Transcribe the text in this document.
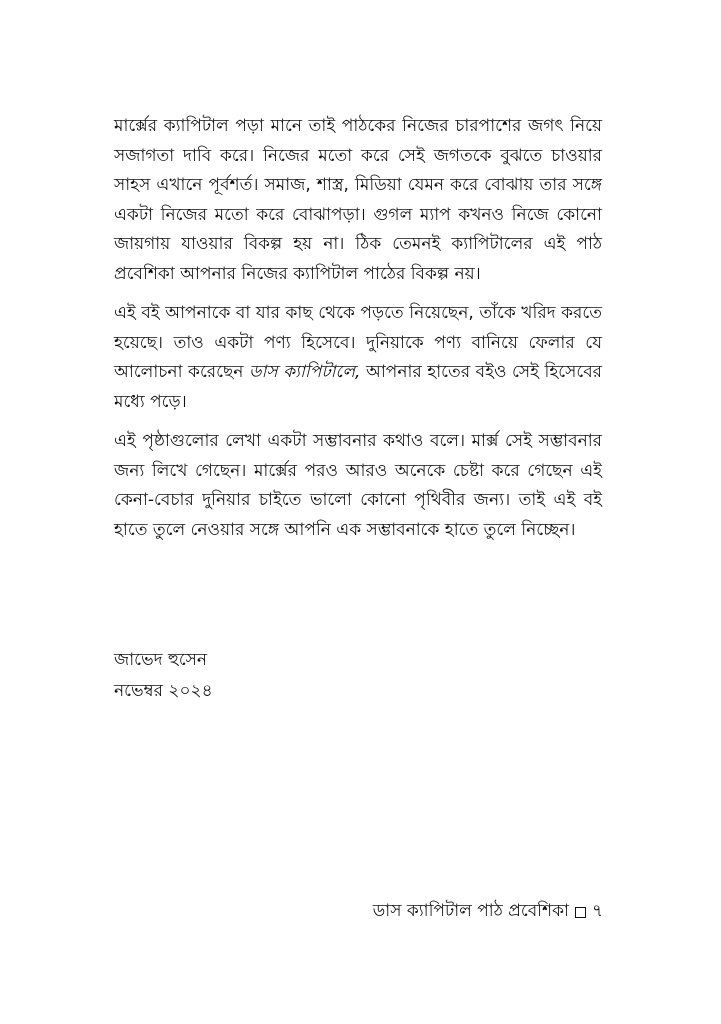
মার্ক্সের ক্যাপিটাল পড়া মানে তাই পাঠকের নিজের চারপাশের জগৎ নিয়ে সজাগতা দাবি করে। নিজের মতো করে সেই জগতকে বুঝতে চাওয়ার সাহস এখানে পূর্বশর্ত। সমাজ, শাস্ত্র, মিডিয়া যেমন করে বোঝায় তার সঙ্গে একটা নিজের মতো করে বোঝাপড়া। গুগল ম্যাপ কখনও নিজে কোনো জায়গায় যাওয়ার বিকল্প হয় না। ঠিক তেমনই ক্যাপিটালের এই পাঠ প্রবেশিকা আপনার নিজের ক্যাপিটাল পাঠের বিকল্প নয়।

এই বই আপনাকে বা যার কাছ থেকে পড়তে নিয়েছেন, তাঁকে খরিদ করতে হয়েছে। তাও একটা পণ্য হিসেবে। দুনিয়াকে পণ্য বানিয়ে ফেলার যে আলোচনা করেছেন ডাস ক্যাপিটালে, আপনার হাতের বইও সেই হিসেবের মধ্যে পড়ে।

এই পৃষ্ঠাগুলোর লেখা একটা সম্ভাবনার কথাও বলে। মার্ক্স সেই সম্ভাবনার জন্য লিখে গেছেন। মার্ক্সের পরও আরও অনেকে চেষ্টা করে গেছেন এই কেনা-বেচার দুনিয়ার চাইতে ভালো কোনো পৃথিবীর জন্য। তাই এই বই হাতে তুলে নেওয়ার সঙ্গে আপনি এক সম্ভাবনাকে হাতে তুলে নিচ্ছেন।

জাভেদ হুসেন
নভেম্বর ২০২৪
ডাস ক্যাপিটাল পাঠ প্রবেশিকা ৭
